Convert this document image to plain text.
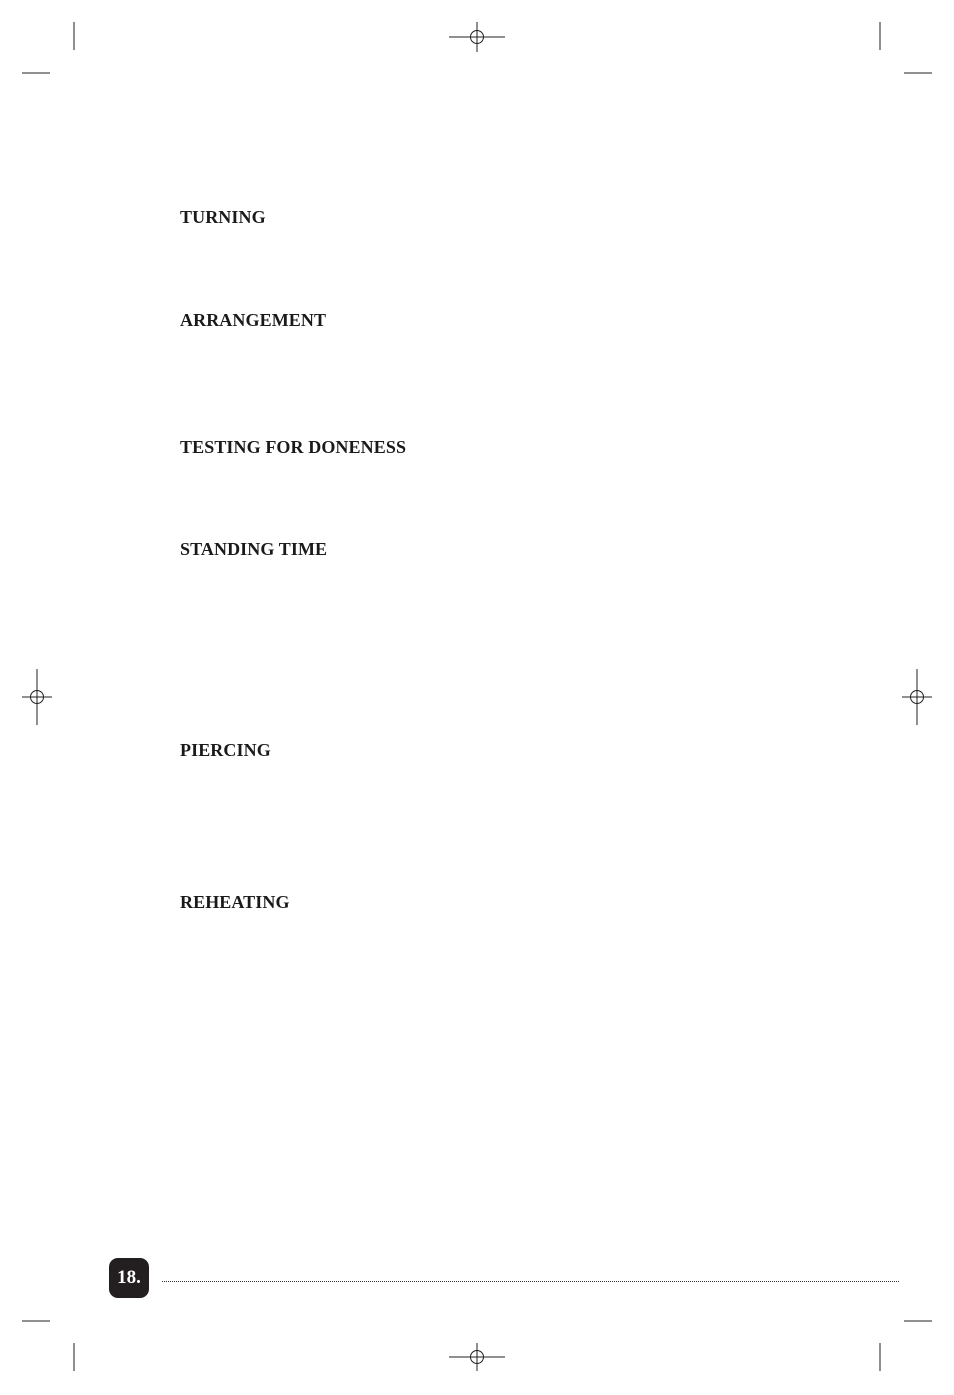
TURNING
ARRANGEMENT
TESTING FOR DONENESS
STANDING TIME
PIERCING
REHEATING
18.
